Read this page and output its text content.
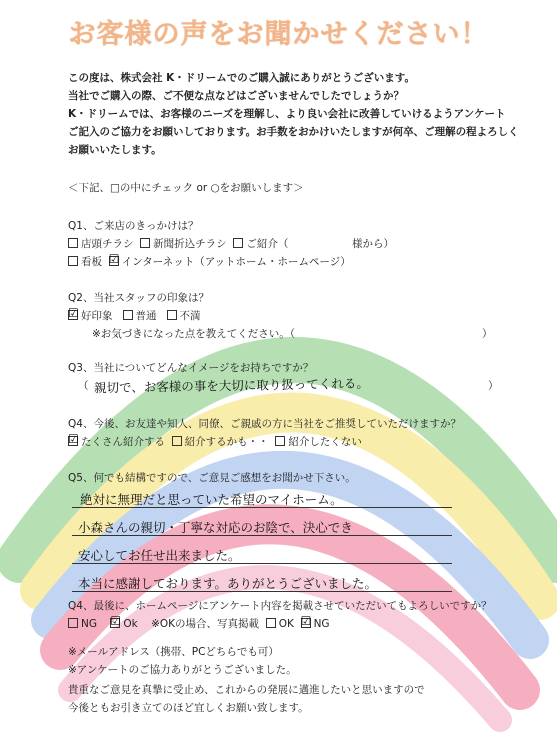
お客様の声をお聞かせください！
この度は、株式会社 K・ドリームでのご購入誠にありがとうございます。
当社でご購入の際、ご不便な点などはございませんでしたでしょうか？
K・ドリームでは、お客様のニーズを理解し、より良い会社に改善していけるようアンケート
ご記入のご協力をお願いしております。お手数をおかけいたしますが何卒、ご理解の程よろしく
お願いいたします。
＜下記、□の中にチェック or ○をお願いします＞
Q1、ご来店のきっかけは？
店頭チラシ 新聞折込チラシ ご紹介（	様から）
看板 ☑ インターネット（アットホーム・ホームページ）
Q2、当社スタッフの印象は？
☑ 好印象 普通 不満
※お気づきになった点を教えてください。（	）
Q3、当社についてどんなイメージをお持ちですか？
（ 親切で、お客様の事を大切に取り扱ってくれる。	）
Q4、今後、お友達や知人、同僚、ご親戚の方に当社をご推奨していただけますか？
☑ たくさん紹介する 紹介するかも・・ 紹介したくない
Q5、何でも結構ですので、ご意見ご感想をお聞かせ下さい。
絶対に無理だと思っていた希望のマイホーム。
小森さんの親切・丁寧な対応のお陰で、決心でき
安心してお任せ出来ました。
本当に感謝しております。ありがとうございました。
Q4、最後に、ホームページにアンケート内容を掲載させていただいてもよろしいですか？
NG ☑ Ok ※OKの場合、写真掲載 OK ☑ NG
※メールアドレス（携帯、PCどちらでも可）
※アンケートのご協力ありがとうございました。
貴重なご意見を真摯に受止め、これからの発展に邁進したいと思いますので
今後ともお引き立てのほど宜しくお願い致します。
